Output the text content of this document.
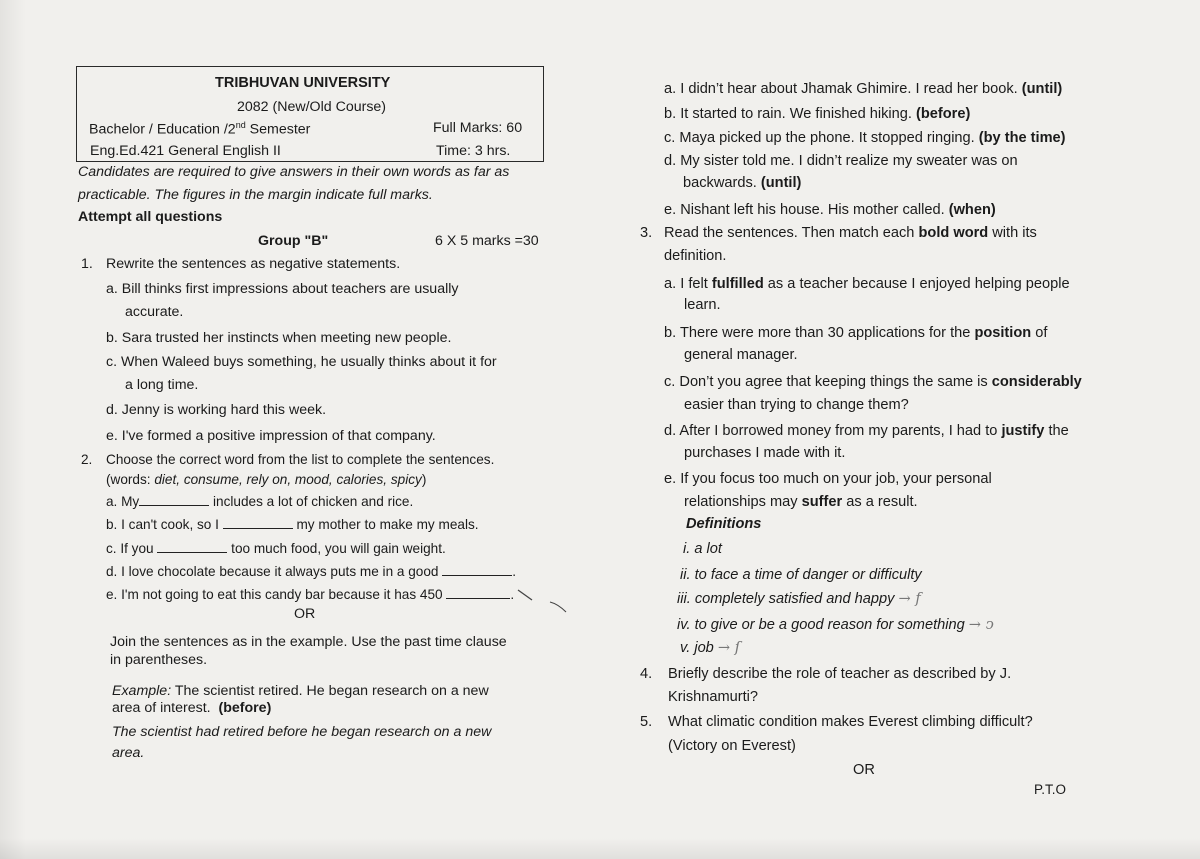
TRIBHUVAN UNIVERSITY
2082 (New/Old Course)
Bachelor / Education /2nd Semester	Full Marks: 60
Eng.Ed.421 General English II	Time: 3 hrs.
Candidates are required to give answers in their own words as far as
practicable. The figures in the margin indicate full marks.
Attempt all questions
Group "B"	6 X 5 marks =30
1. Rewrite the sentences as negative statements.
a. Bill thinks first impressions about teachers are usually
accurate.
b. Sara trusted her instincts when meeting new people.
c. When Waleed buys something, he usually thinks about it for
a long time.
d. Jenny is working hard this week.
e. I've formed a positive impression of that company.
2. Choose the correct word from the list to complete the sentences.
(words: diet, consume, rely on, mood, calories, spicy)
a. My	includes a lot of chicken and rice.
b. I can't cook, so I	my mother to make my meals.
c. If you	too much food, you will gain weight.
d. I love chocolate because it always puts me in a good	.
e. I'm not going to eat this candy bar because it has 450	.
OR
Join the sentences as in the example. Use the past time clause
in parentheses.
Example: The scientist retired. He began research on a new
area of interest. (before)
The scientist had retired before he began research on a new
area.
a. I didn’t hear about Jhamak Ghimire. I read her book. (until)
b. It started to rain. We finished hiking. (before)
c. Maya picked up the phone. It stopped ringing. (by the time)
d. My sister told me. I didn’t realize my sweater was on
backwards. (until)
e. Nishant left his house. His mother called. (when)
3. Read the sentences. Then match each bold word with its
definition.
a. I felt fulfilled as a teacher because I enjoyed helping people
learn.
b. There were more than 30 applications for the position of
general manager.
c. Don’t you agree that keeping things the same is considerably
easier than trying to change them?
d. After I borrowed money from my parents, I had to justify the
purchases I made with it.
e. If you focus too much on your job, your personal
relationships may suffer as a result.
Definitions
i. a lot
ii. to face a time of danger or difficulty
iii. completely satisfied and happy → f
iv. to give or be a good reason for something → ↄ
v. job → ſ
4. Briefly describe the role of teacher as described by J.
Krishnamurti?
5. What climatic condition makes Everest climbing difficult?
(Victory on Everest)
OR
P.T.O
